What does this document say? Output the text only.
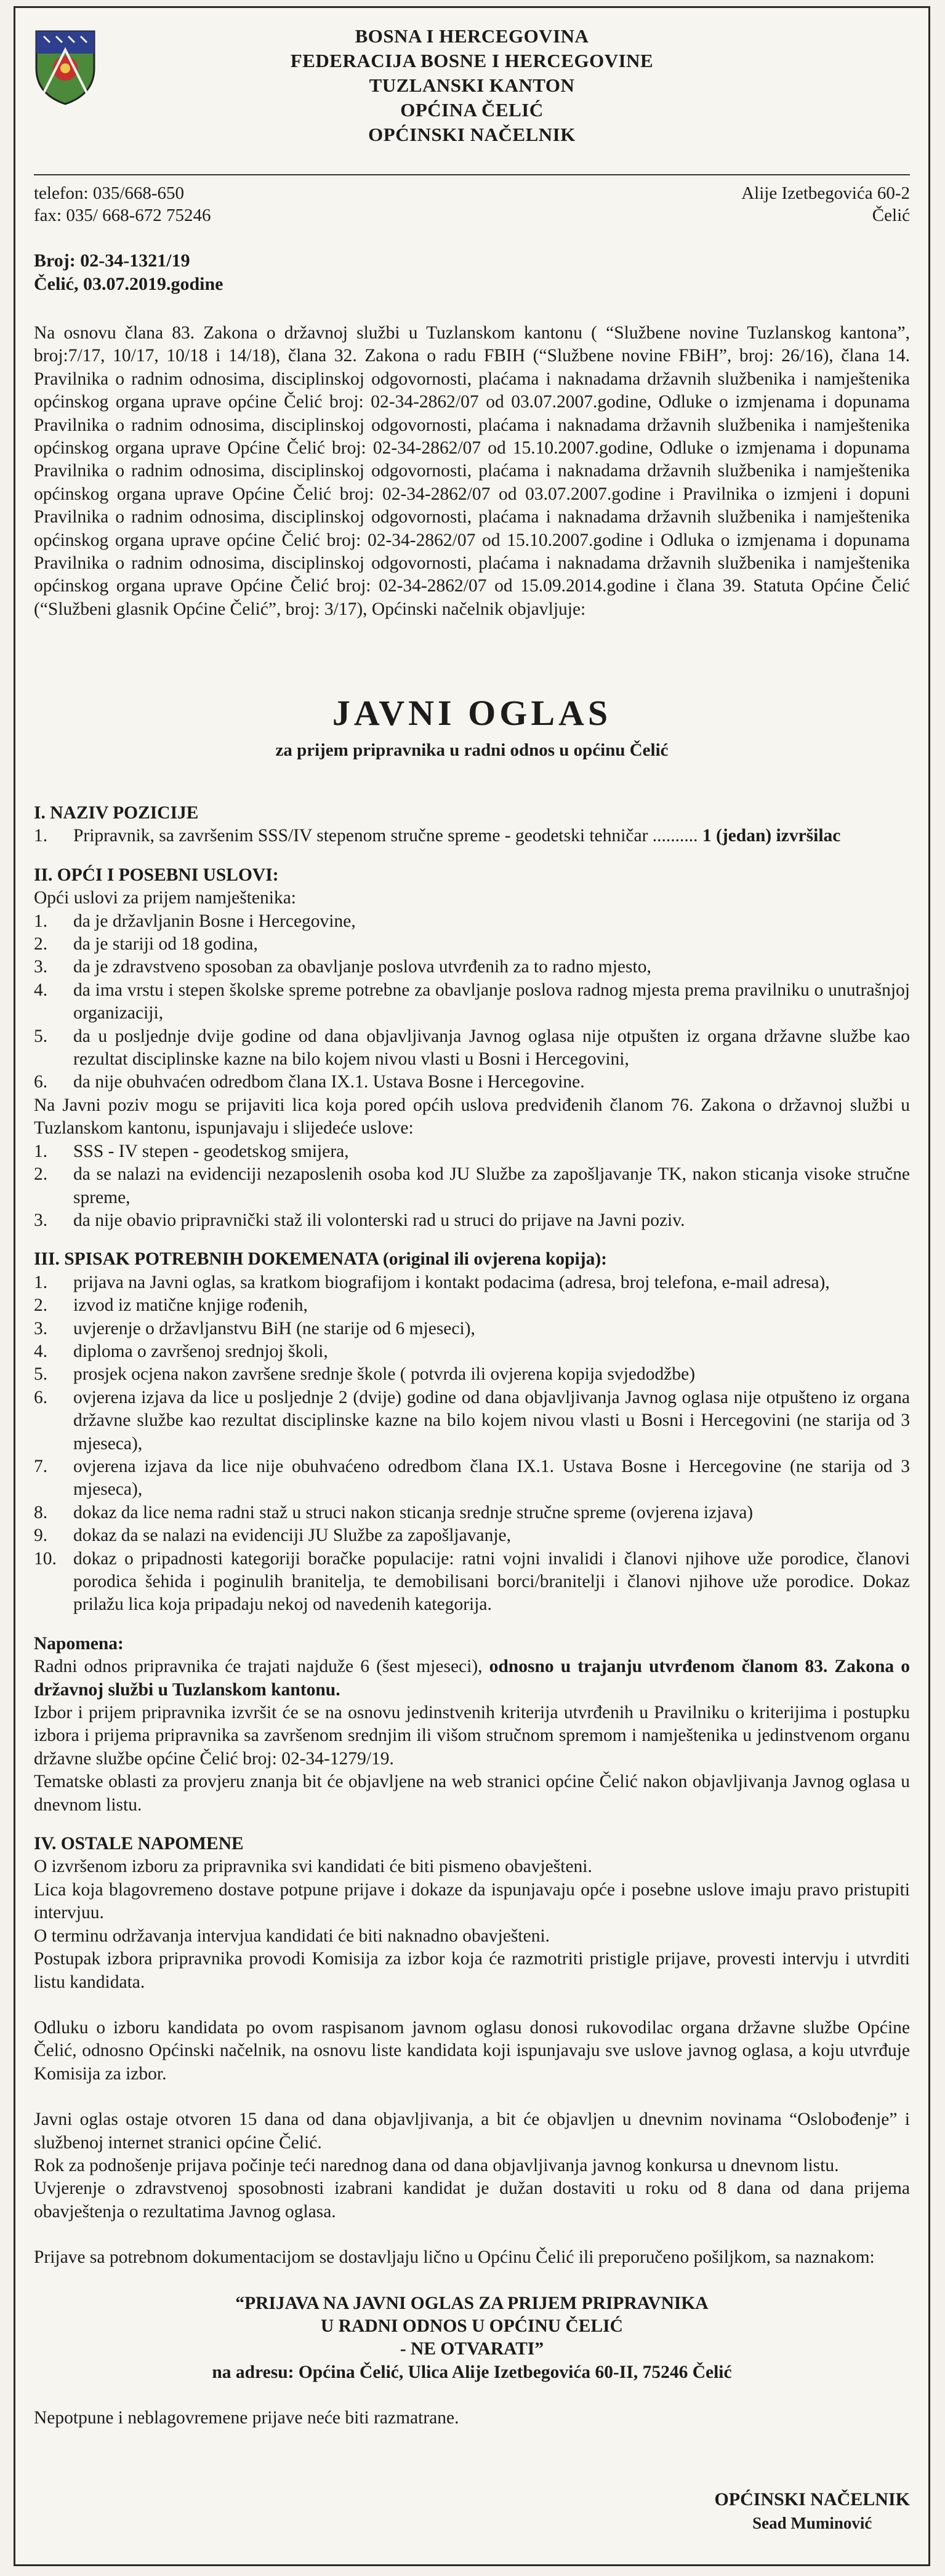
BOSNA I HERCEGOVINA
FEDERACIJA BOSNE I HERCEGOVINE
TUZLANSKI KANTON
OPĆINA ČELIĆ
OPĆINSKI NAČELNIK
telefon: 035/668-650
fax: 035/ 668-672 75246
Alije Izetbegovića 60-2
Čelić
Broj: 02-34-1321/19
Čelić, 03.07.2019.godine

Na osnovu člana 83. Zakona o državnoj službi u Tuzlanskom kantonu ( “Službene novine Tuzlanskog kantona”, broj:7/17, 10/17, 10/18 i 14/18), člana 32. Zakona o radu FBIH (“Službene novine FBiH”, broj: 26/16), člana 14. Pravilnika o radnim odnosima, disciplinskoj odgovornosti, plaćama i naknadama državnih službenika i namještenika općinskog organa uprave općine Čelić broj: 02-34-2862/07 od 03.07.2007.godine, Odluke o izmjenama i dopunama Pravilnika o radnim odnosima, disciplinskoj odgovornosti, plaćama i naknadama državnih službenika i namještenika općinskog organa uprave Općine Čelić broj: 02-34-2862/07 od 15.10.2007.godine, Odluke o izmjenama i dopunama Pravilnika o radnim odnosima, disciplinskoj odgovornosti, plaćama i naknadama državnih službenika i namještenika općinskog organa uprave Općine Čelić broj: 02-34-2862/07 od 03.07.2007.godine i Pravilnika o izmjeni i dopuni Pravilnika o radnim odnosima, disciplinskoj odgovornosti, plaćama i naknadama državnih službenika i namještenika općinskog organa uprave općine Čelić broj: 02-34-2862/07 od 15.10.2007.godine i Odluka o izmjenama i dopunama Pravilnika o radnim odnosima, disciplinskoj odgovornosti, plaćama i naknadama državnih službenika i namještenika općinskog organa uprave Općine Čelić broj: 02-34-2862/07 od 15.09.2014.godine i člana 39. Statuta Općine Čelić (“Službeni glasnik Općine Čelić”, broj: 3/17), Općinski načelnik objavljuje:

JAVNI OGLAS
za prijem pripravnika u radni odnos u općinu Čelić

I. NAZIV POZICIJE

1. Pripravnik, sa završenim SSS/IV stepenom stručne spreme - geodetski tehničar .......... 1 (jedan) izvršilac

II. OPĆI I POSEBNI USLOVI:

Opći uslovi za prijem namještenika:

1. da je državljanin Bosne i Hercegovine,
2. da je stariji od 18 godina,
3. da je zdravstveno sposoban za obavljanje poslova utvrđenih za to radno mjesto,
4. da ima vrstu i stepen školske spreme potrebne za obavljanje poslova radnog mjesta prema pravilniku o unutrašnjoj organizaciji,
5. da u posljednje dvije godine od dana objavljivanja Javnog oglasa nije otpušten iz organa državne službe kao rezultat disciplinske kazne na bilo kojem nivou vlasti u Bosni i Hercegovini,
6. da nije obuhvaćen odredbom člana IX.1. Ustava Bosne i Hercegovine.

Na Javni poziv mogu se prijaviti lica koja pored općih uslova predviđenih članom 76. Zakona o državnoj službi u Tuzlanskom kantonu, ispunjavaju i slijedeće uslove:

1. SSS - IV stepen - geodetskog smijera,
2. da se nalazi na evidenciji nezaposlenih osoba kod JU Službe za zapošljavanje TK, nakon sticanja visoke stručne spreme,
3. da nije obavio pripravnički staž ili volonterski rad u struci do prijave na Javni poziv.

III. SPISAK POTREBNIH DOKEMENATA (original ili ovjerena kopija):

1. prijava na Javni oglas, sa kratkom biografijom i kontakt podacima (adresa, broj telefona, e-mail adresa),
2. izvod iz matične knjige rođenih,
3. uvjerenje o državljanstvu BiH (ne starije od 6 mjeseci),
4. diploma o završenoj srednjoj školi,
5. prosjek ocjena nakon završene srednje škole ( potvrda ili ovjerena kopija svjedodžbe)
6. ovjerena izjava da lice u posljednje 2 (dvije) godine od dana objavljivanja Javnog oglasa nije otpušteno iz organa državne službe kao rezultat disciplinske kazne na bilo kojem nivou vlasti u Bosni i Hercegovini (ne starija od 3 mjeseca),
7. ovjerena izjava da lice nije obuhvaćeno odredbom člana IX.1. Ustava Bosne i Hercegovine (ne starija od 3 mjeseca),
8. dokaz da lice nema radni staž u struci nakon sticanja srednje stručne spreme (ovjerena izjava)
9. dokaz da se nalazi na evidenciji JU Službe za zapošljavanje,
10. dokaz o pripadnosti kategoriji boračke populacije: ratni vojni invalidi i članovi njihove uže porodice, članovi porodica šehida i poginulih branitelja, te demobilisani borci/branitelji i članovi njihove uže porodice. Dokaz prilažu lica koja pripadaju nekoj od navedenih kategorija.

Napomena:

Radni odnos pripravnika će trajati najduže 6 (šest mjeseci), odnosno u trajanju utvrđenom članom 83. Zakona o državnoj službi u Tuzlanskom kantonu.

Izbor i prijem pripravnika izvršit će se na osnovu jedinstvenih kriterija utvrđenih u Pravilniku o kriterijima i postupku izbora i prijema pripravnika sa završenom srednjim ili višom stručnom spremom i namještenika u jedinstvenom organu državne službe općine Čelić broj: 02-34-1279/19.

Tematske oblasti za provjeru znanja bit će objavljene na web stranici općine Čelić nakon objavljivanja Javnog oglasa u dnevnom listu.

IV. OSTALE NAPOMENE

O izvršenom izboru za pripravnika svi kandidati će biti pismeno obavješteni.

Lica koja blagovremeno dostave potpune prijave i dokaze da ispunjavaju opće i posebne uslove imaju pravo pristupiti intervjuu.

O terminu održavanja intervjua kandidati će biti naknadno obavješteni.

Postupak izbora pripravnika provodi Komisija za izbor koja će razmotriti pristigle prijave, provesti intervju i utvrditi listu kandidata.

Odluku o izboru kandidata po ovom raspisanom javnom oglasu donosi rukovodilac organa državne službe Općine Čelić, odnosno Općinski načelnik, na osnovu liste kandidata koji ispunjavaju sve uslove javnog oglasa, a koju utvrđuje Komisija za izbor.

Javni oglas ostaje otvoren 15 dana od dana objavljivanja, a bit će objavljen u dnevnim novinama “Oslobođenje” i službenoj internet stranici općine Čelić.

Rok za podnošenje prijava počinje teći narednog dana od dana objavljivanja javnog konkursa u dnevnom listu.

Uvjerenje o zdravstvenoj sposobnosti izabrani kandidat je dužan dostaviti u roku od 8 dana od dana prijema obavještenja o rezultatima Javnog oglasa.

Prijave sa potrebnom dokumentacijom se dostavljaju lično u Općinu Čelić ili preporučeno pošiljkom, sa naznakom:

“PRIJAVA NA JAVNI OGLAS ZA PRIJEM PRIPRAVNIKA
U RADNI ODNOS U OPĆINU ČELIĆ
- NE OTVARATI”
na adresu: Općina Čelić, Ulica Alije Izetbegovića 60-II, 75246 Čelić

Nepotpune i neblagovremene prijave neće biti razmatrane.

OPĆINSKI NAČELNIK
Sead Muminović
